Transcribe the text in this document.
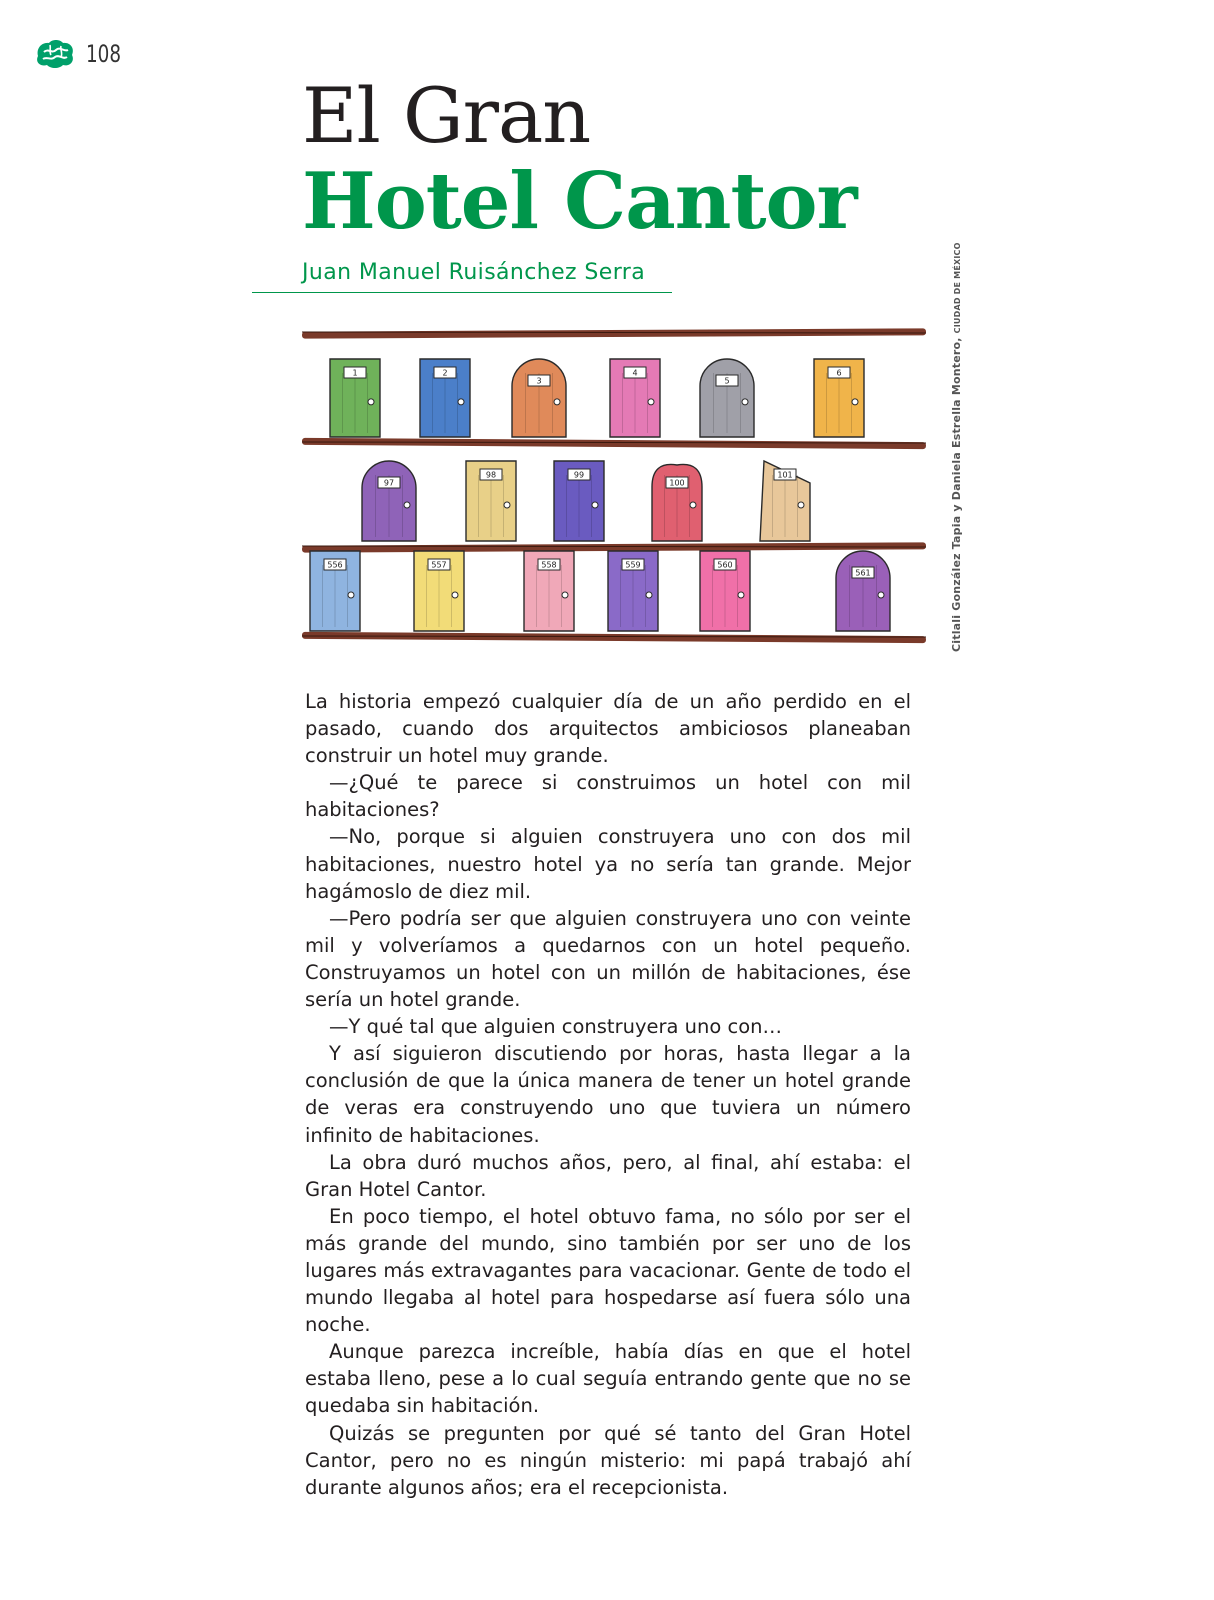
108
El Gran
Hotel Cantor
Juan Manuel Ruisánchez Serra
1	2
3
4
5
6
97
98	99
100
101
556	557	558	559	560
561	Citlali González Tapia y Daniela Estrella Montero, CIUDAD DE MÉXICO

La historia empezó cualquier día de un año perdido en el pasado, cuando dos arquitectos ambiciosos planeaban construir un hotel muy grande.

—¿Qué te parece si construimos un hotel con mil habitaciones?

—No, porque si alguien construyera uno con dos mil habitaciones, nuestro hotel ya no sería tan grande. Mejor hagámoslo de diez mil.

—Pero podría ser que alguien construyera uno con veinte mil y volveríamos a quedarnos con un hotel pequeño. Construyamos un hotel con un millón de habitaciones, ése sería un hotel grande.

—Y qué tal que alguien construyera uno con…

Y así siguieron discutiendo por horas, hasta llegar a la conclusión de que la única manera de tener un hotel grande de veras era construyendo uno que tuviera un número infinito de habitaciones.

La obra duró muchos años, pero, al final, ahí estaba: el Gran Hotel Cantor.

En poco tiempo, el hotel obtuvo fama, no sólo por ser el más grande del mundo, sino también por ser uno de los lugares más extravagantes para vacacionar. Gente de todo el mundo llegaba al hotel para hospedarse así fuera sólo una noche.

Aunque parezca increíble, había días en que el hotel estaba lleno, pese a lo cual seguía entrando gente que no se quedaba sin habitación.

Quizás se pregunten por qué sé tanto del Gran Hotel Cantor, pero no es ningún misterio: mi papá trabajó ahí durante algunos años; era el recepcionista.
